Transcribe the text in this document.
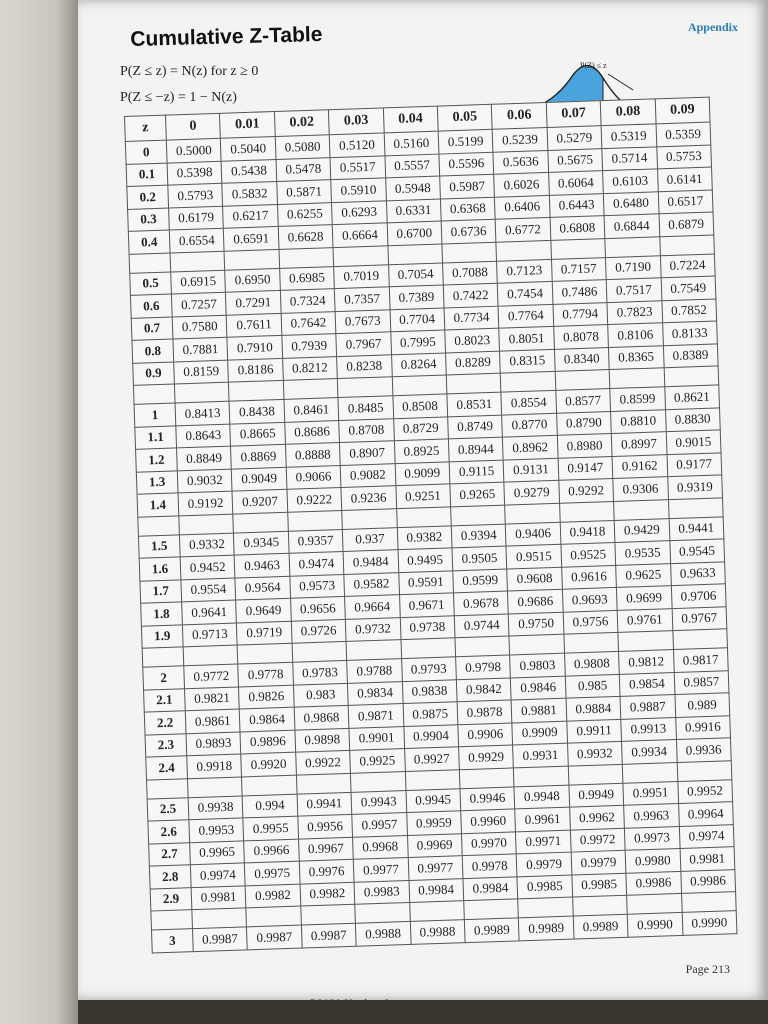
Appendix
Cumulative Z-Table
P(Z ≤ z) = N(z) for z ≥ 0
P(Z ≤ −z) = 1 − N(z)
P(Z) ≤ z
z	0	0.01	0.02	0.03	0.04	0.05	0.06	0.07	0.08	0.09
0	0.5000	0.5040	0.5080	0.5120	0.5160	0.5199	0.5239	0.5279	0.5319	0.5359
0.1	0.5398	0.5438	0.5478	0.5517	0.5557	0.5596	0.5636	0.5675	0.5714	0.5753
0.2	0.5793	0.5832	0.5871	0.5910	0.5948	0.5987	0.6026	0.6064	0.6103	0.6141
0.3	0.6179	0.6217	0.6255	0.6293	0.6331	0.6368	0.6406	0.6443	0.6480	0.6517
0.4	0.6554	0.6591	0.6628	0.6664	0.6700	0.6736	0.6772	0.6808	0.6844	0.6879

0.5	0.6915	0.6950	0.6985	0.7019	0.7054	0.7088	0.7123	0.7157	0.7190	0.7224
0.6	0.7257	0.7291	0.7324	0.7357	0.7389	0.7422	0.7454	0.7486	0.7517	0.7549
0.7	0.7580	0.7611	0.7642	0.7673	0.7704	0.7734	0.7764	0.7794	0.7823	0.7852
0.8	0.7881	0.7910	0.7939	0.7967	0.7995	0.8023	0.8051	0.8078	0.8106	0.8133
0.9	0.8159	0.8186	0.8212	0.8238	0.8264	0.8289	0.8315	0.8340	0.8365	0.8389

1	0.8413	0.8438	0.8461	0.8485	0.8508	0.8531	0.8554	0.8577	0.8599	0.8621
1.1	0.8643	0.8665	0.8686	0.8708	0.8729	0.8749	0.8770	0.8790	0.8810	0.8830
1.2	0.8849	0.8869	0.8888	0.8907	0.8925	0.8944	0.8962	0.8980	0.8997	0.9015
1.3	0.9032	0.9049	0.9066	0.9082	0.9099	0.9115	0.9131	0.9147	0.9162	0.9177
1.4	0.9192	0.9207	0.9222	0.9236	0.9251	0.9265	0.9279	0.9292	0.9306	0.9319

1.5	0.9332	0.9345	0.9357	0.937	0.9382	0.9394	0.9406	0.9418	0.9429	0.9441
1.6	0.9452	0.9463	0.9474	0.9484	0.9495	0.9505	0.9515	0.9525	0.9535	0.9545
1.7	0.9554	0.9564	0.9573	0.9582	0.9591	0.9599	0.9608	0.9616	0.9625	0.9633
1.8	0.9641	0.9649	0.9656	0.9664	0.9671	0.9678	0.9686	0.9693	0.9699	0.9706
1.9	0.9713	0.9719	0.9726	0.9732	0.9738	0.9744	0.9750	0.9756	0.9761	0.9767

2	0.9772	0.9778	0.9783	0.9788	0.9793	0.9798	0.9803	0.9808	0.9812	0.9817
2.1	0.9821	0.9826	0.983	0.9834	0.9838	0.9842	0.9846	0.985	0.9854	0.9857
2.2	0.9861	0.9864	0.9868	0.9871	0.9875	0.9878	0.9881	0.9884	0.9887	0.989
2.3	0.9893	0.9896	0.9898	0.9901	0.9904	0.9906	0.9909	0.9911	0.9913	0.9916
2.4	0.9918	0.9920	0.9922	0.9925	0.9927	0.9929	0.9931	0.9932	0.9934	0.9936

2.5	0.9938	0.994	0.9941	0.9943	0.9945	0.9946	0.9948	0.9949	0.9951	0.9952
2.6	0.9953	0.9955	0.9956	0.9957	0.9959	0.9960	0.9961	0.9962	0.9963	0.9964
2.7	0.9965	0.9966	0.9967	0.9968	0.9969	0.9970	0.9971	0.9972	0.9973	0.9974
2.8	0.9974	0.9975	0.9976	0.9977	0.9977	0.9978	0.9979	0.9979	0.9980	0.9981
2.9	0.9981	0.9982	0.9982	0.9983	0.9984	0.9984	0.9985	0.9985	0.9986	0.9986

3	0.9987	0.9987	0.9987	0.9988	0.9988	0.9989	0.9989	0.9989	0.9990	0.9990
Page 213
